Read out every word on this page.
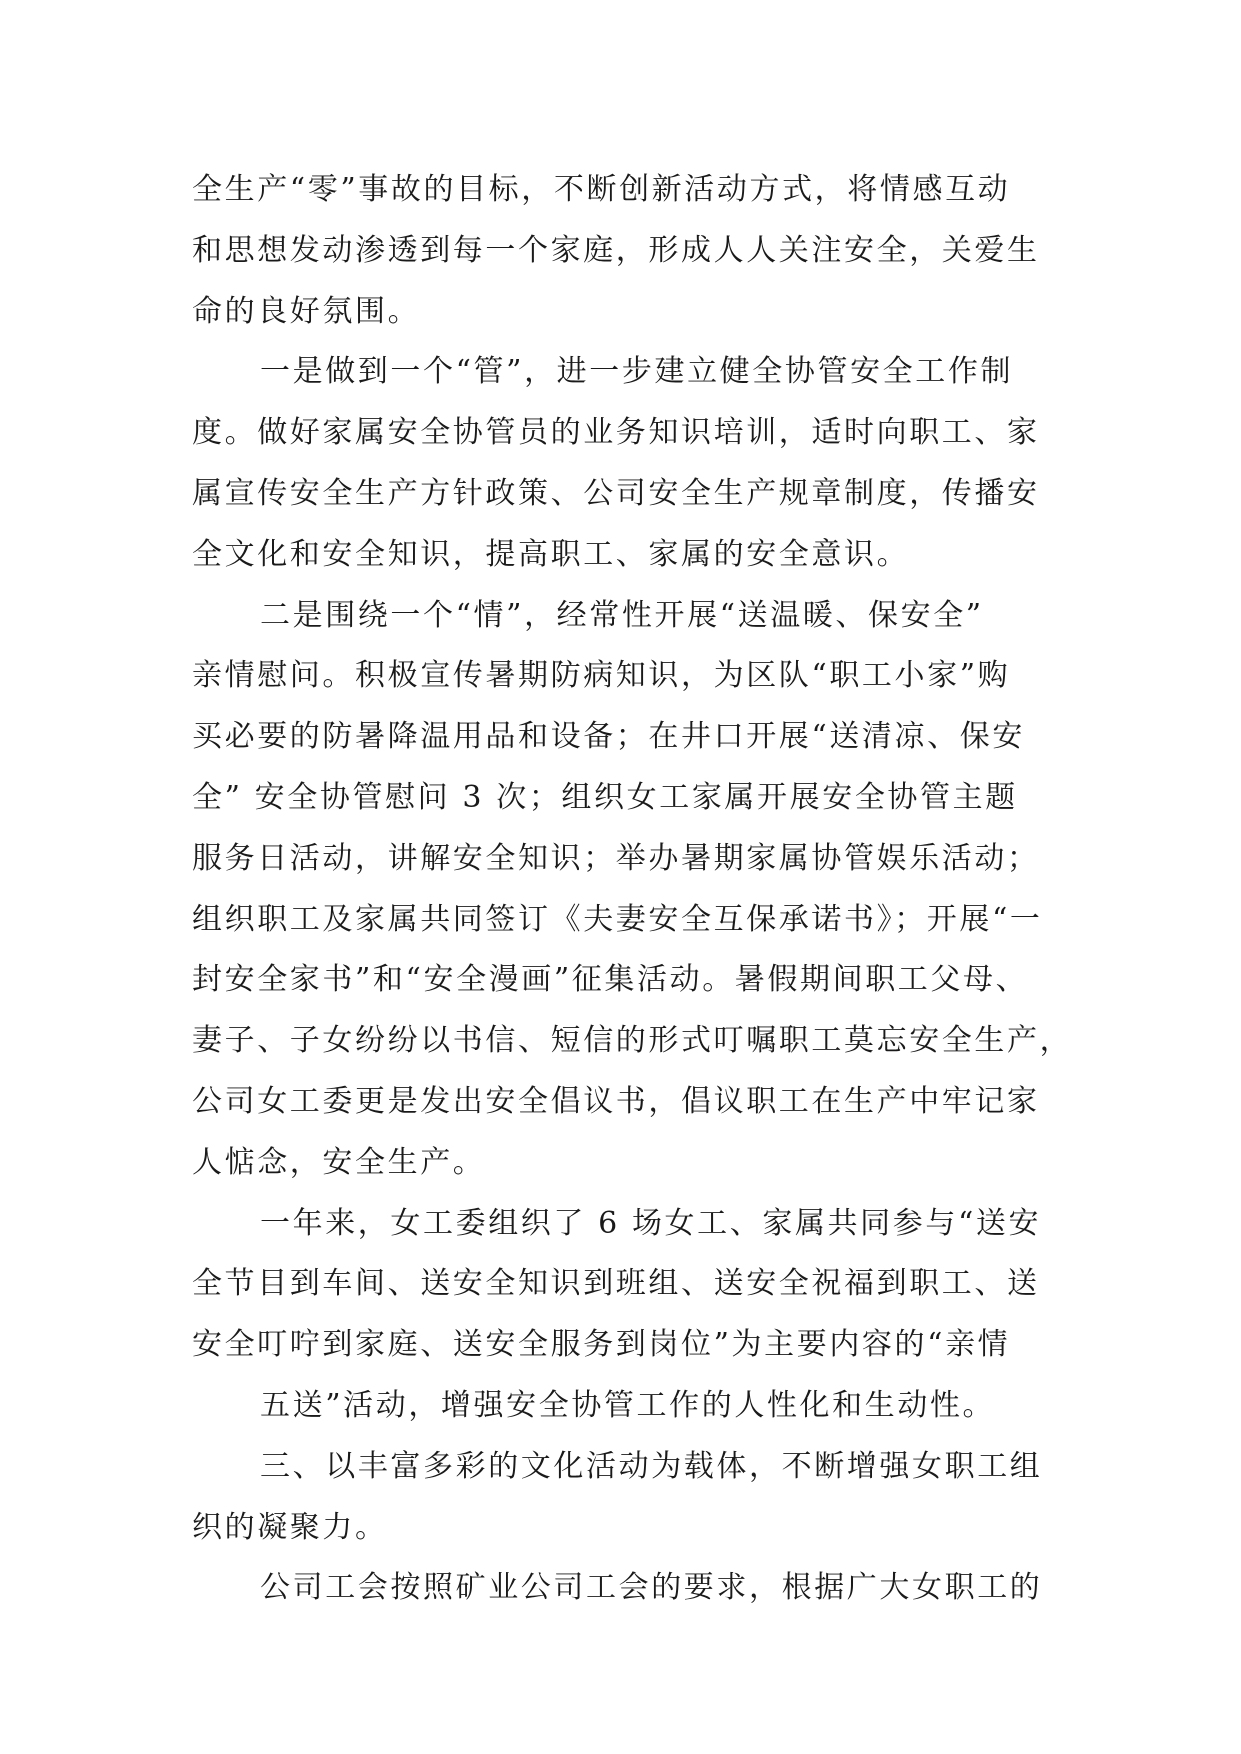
全生产“零”事故的目标，不断创新活动方式，将情感互动
和思想发动渗透到每一个家庭，形成人人关注安全，关爱生
命的良好氛围。
一是做到一个“管”，进一步建立健全协管安全工作制
度。做好家属安全协管员的业务知识培训，适时向职工、家
属宣传安全生产方针政策、公司安全生产规章制度，传播安
全文化和安全知识，提高职工、家属的安全意识。
二是围绕一个“情”，经常性开展“送温暖、保安全”
亲情慰问。积极宣传暑期防病知识，为区队“职工小家”购
买必要的防暑降温用品和设备；在井口开展“送清凉、保安
全” 安全协管慰问 3 次；组织女工家属开展安全协管主题
服务日活动，讲解安全知识；举办暑期家属协管娱乐活动；
组织职工及家属共同签订《夫妻安全互保承诺书》；开展“一
封安全家书”和“安全漫画”征集活动。暑假期间职工父母、
妻子、子女纷纷以书信、短信的形式叮嘱职工莫忘安全生产，
公司女工委更是发出安全倡议书，倡议职工在生产中牢记家
人惦念，安全生产。
一年来，女工委组织了 6 场女工、家属共同参与“送安
全节目到车间、送安全知识到班组、送安全祝福到职工、送
安全叮咛到家庭、送安全服务到岗位”为主要内容的“亲情
五送”活动，增强安全协管工作的人性化和生动性。
三、以丰富多彩的文化活动为载体，不断增强女职工组
织的凝聚力。
公司工会按照矿业公司工会的要求，根据广大女职工的
